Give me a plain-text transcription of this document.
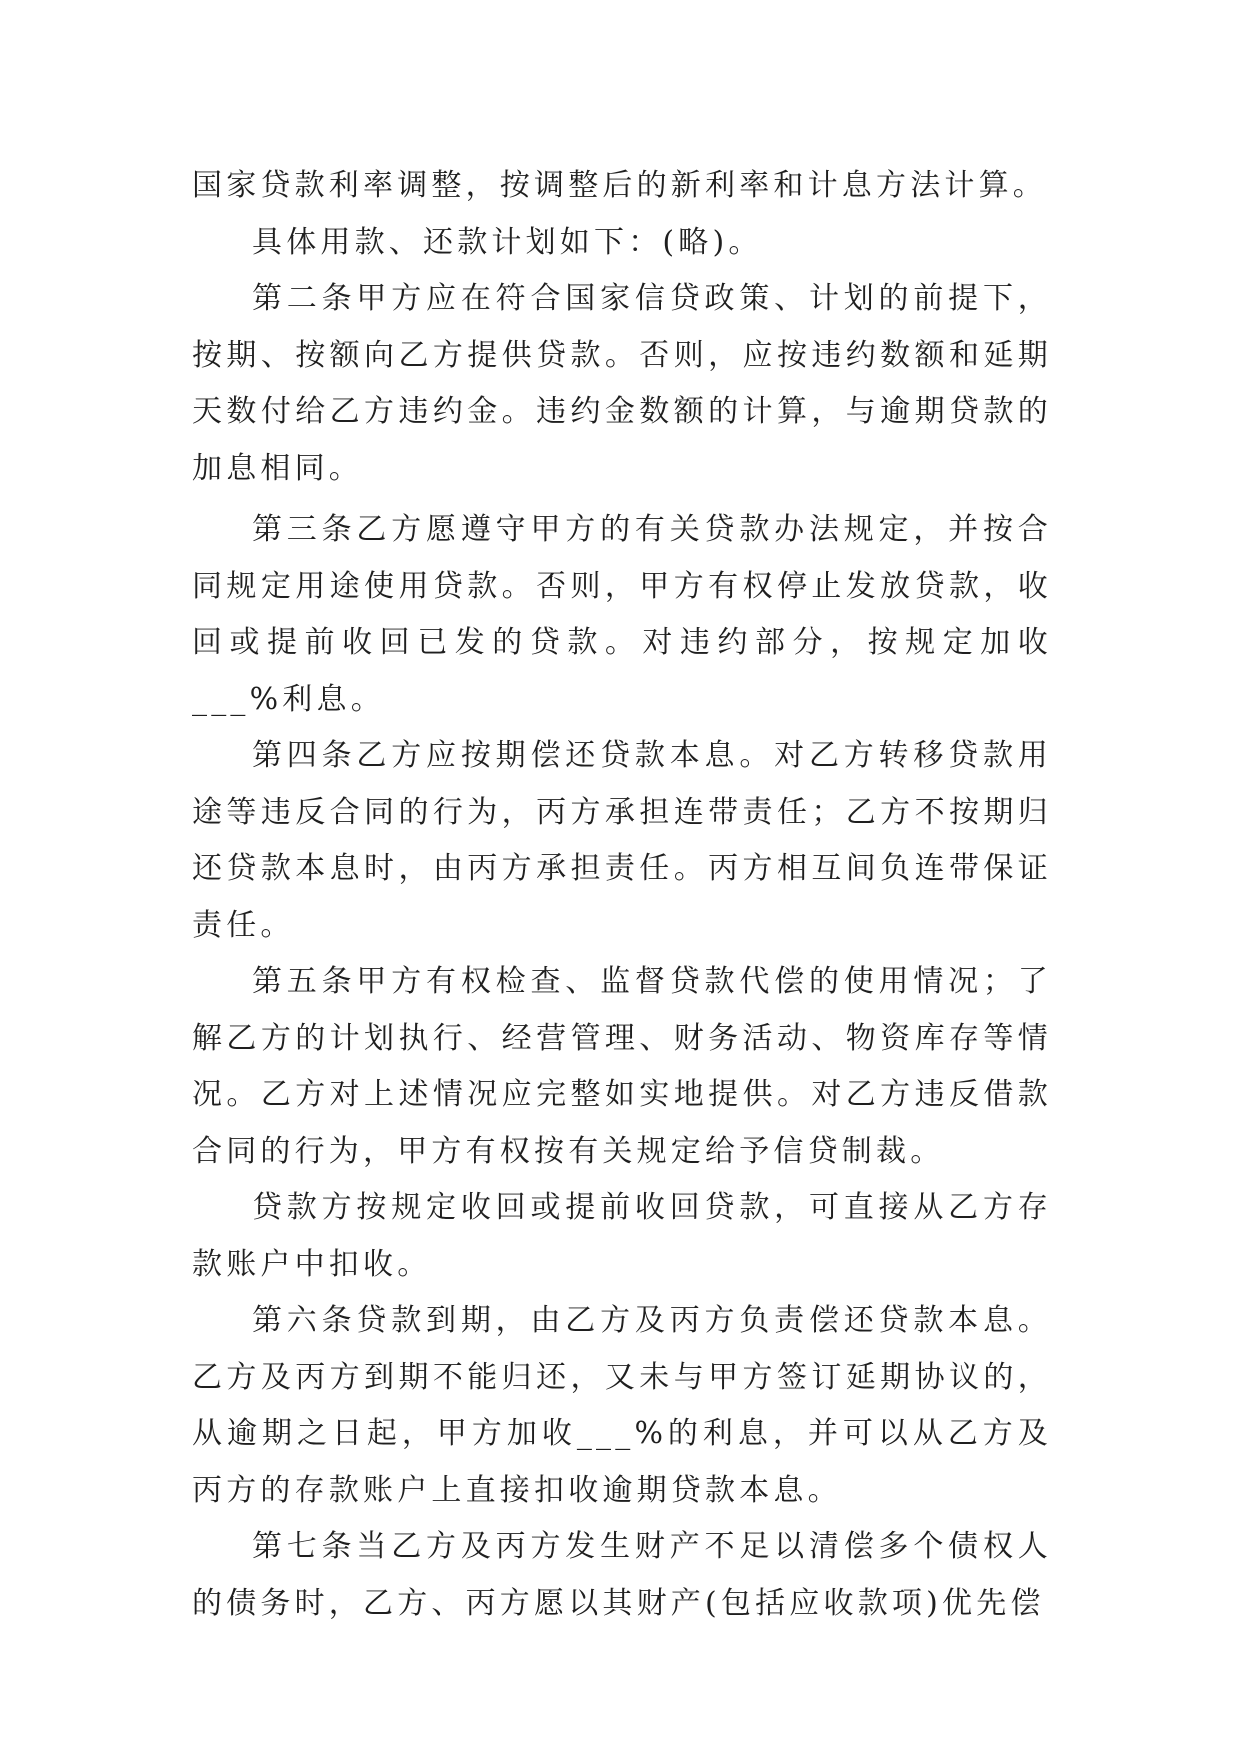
国家贷款利率调整，按调整后的新利率和计息方法计算。

具体用款、还款计划如下：(略)。

第二条甲方应在符合国家信贷政策、计划的前提下，按期、按额向乙方提供贷款。否则，应按违约数额和延期天数付给乙方违约金。违约金数额的计算，与逾期贷款的加息相同。

第三条乙方愿遵守甲方的有关贷款办法规定，并按合同规定用途使用贷款。否则，甲方有权停止发放贷款，收回或提前收回已发的贷款。对违约部分，按规定加收___%利息。

第四条乙方应按期偿还贷款本息。对乙方转移贷款用途等违反合同的行为，丙方承担连带责任；乙方不按期归还贷款本息时，由丙方承担责任。丙方相互间负连带保证责任。

第五条甲方有权检查、监督贷款代偿的使用情况；了解乙方的计划执行、经营管理、财务活动、物资库存等情况。乙方对上述情况应完整如实地提供。对乙方违反借款合同的行为，甲方有权按有关规定给予信贷制裁。

贷款方按规定收回或提前收回贷款，可直接从乙方存款账户中扣收。

第六条贷款到期，由乙方及丙方负责偿还贷款本息。乙方及丙方到期不能归还，又未与甲方签订延期协议的，从逾期之日起，甲方加收___%的利息，并可以从乙方及丙方的存款账户上直接扣收逾期贷款本息。

第七条当乙方及丙方发生财产不足以清偿多个债权人的债务时，乙方、丙方愿以其财产(包括应收款项)优先偿
